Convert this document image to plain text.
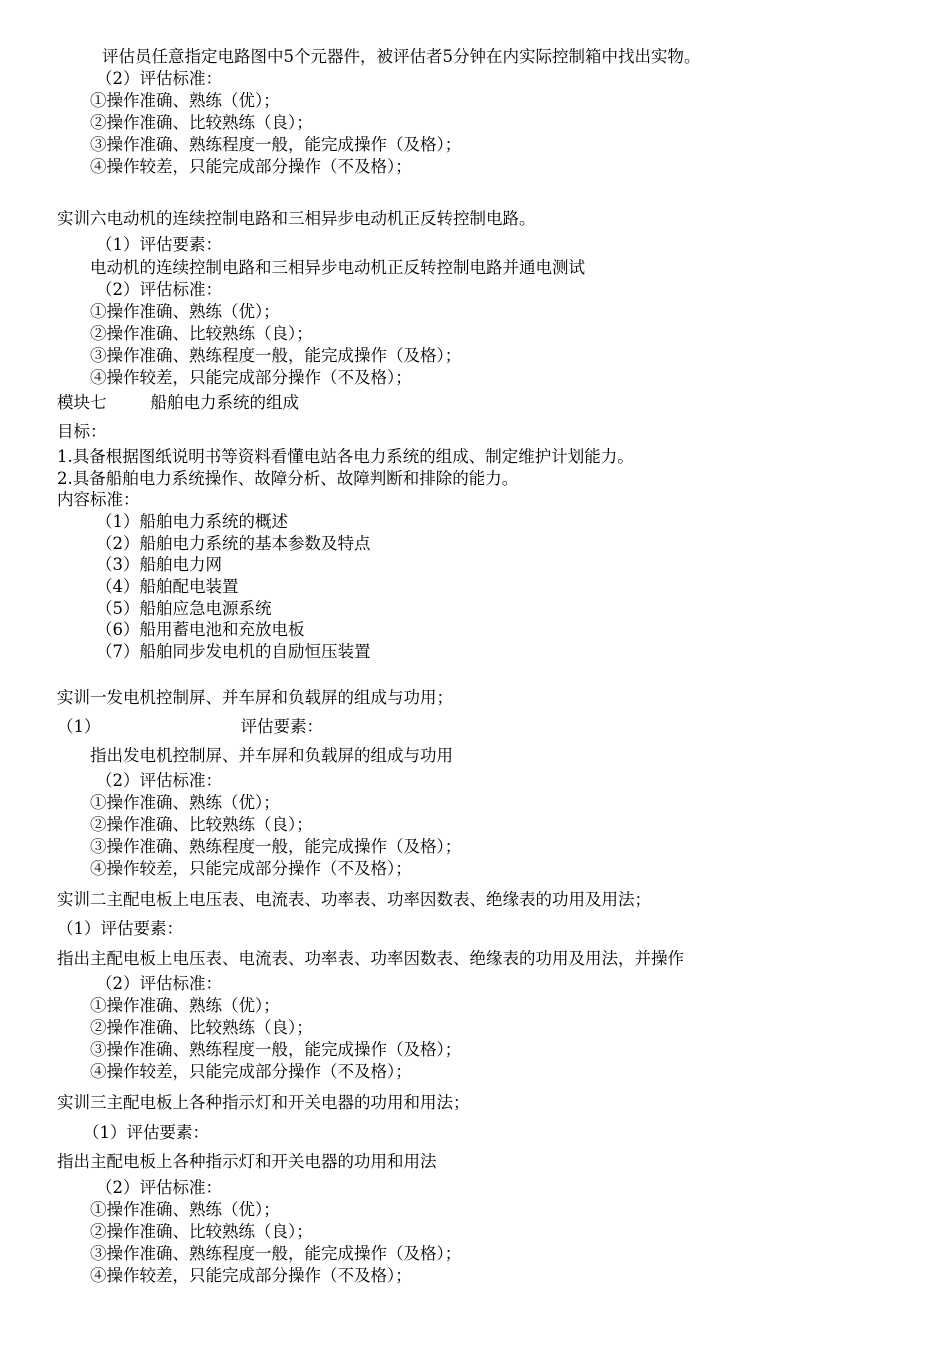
评估员任意指定电路图中5个元器件，被评估者5分钟在内实际控制箱中找出实物。

（2）评估标准：

①操作准确、熟练（优）；

②操作准确、比较熟练（良）；

③操作准确、熟练程度一般，能完成操作（及格）；

④操作较差，只能完成部分操作（不及格）；

实训六电动机的连续控制电路和三相异步电动机正反转控制电路。

（1）评估要素：

电动机的连续控制电路和三相异步电动机正反转控制电路并通电测试

（2）评估标准：

①操作准确、熟练（优）；

②操作准确、比较熟练（良）；

③操作准确、熟练程度一般，能完成操作（及格）；

④操作较差，只能完成部分操作（不及格）；

模块七	船舶电力系统的组成

目标：

1.具备根据图纸说明书等资料看懂电站各电力系统的组成、制定维护计划能力。

2.具备船舶电力系统操作、故障分析、故障判断和排除的能力。

内容标准：

（1）船舶电力系统的概述

（2）船舶电力系统的基本参数及特点

（3）船舶电力网

（4）船舶配电装置

（5）船舶应急电源系统

（6）船用蓄电池和充放电板

（7）船舶同步发电机的自励恒压装置

实训一发电机控制屏、并车屏和负载屏的组成与功用；

（1）	评估要素：

指出发电机控制屏、并车屏和负载屏的组成与功用

（2）评估标准：

①操作准确、熟练（优）；

②操作准确、比较熟练（良）；

③操作准确、熟练程度一般，能完成操作（及格）；

④操作较差，只能完成部分操作（不及格）；

实训二主配电板上电压表、电流表、功率表、功率因数表、绝缘表的功用及用法；

（1）评估要素：

指出主配电板上电压表、电流表、功率表、功率因数表、绝缘表的功用及用法，并操作

（2）评估标准：

①操作准确、熟练（优）；

②操作准确、比较熟练（良）；

③操作准确、熟练程度一般，能完成操作（及格）；

④操作较差，只能完成部分操作（不及格）；

实训三主配电板上各种指示灯和开关电器的功用和用法；

（1）评估要素：

指出主配电板上各种指示灯和开关电器的功用和用法

（2）评估标准：

①操作准确、熟练（优）；

②操作准确、比较熟练（良）；

③操作准确、熟练程度一般，能完成操作（及格）；

④操作较差，只能完成部分操作（不及格）；
